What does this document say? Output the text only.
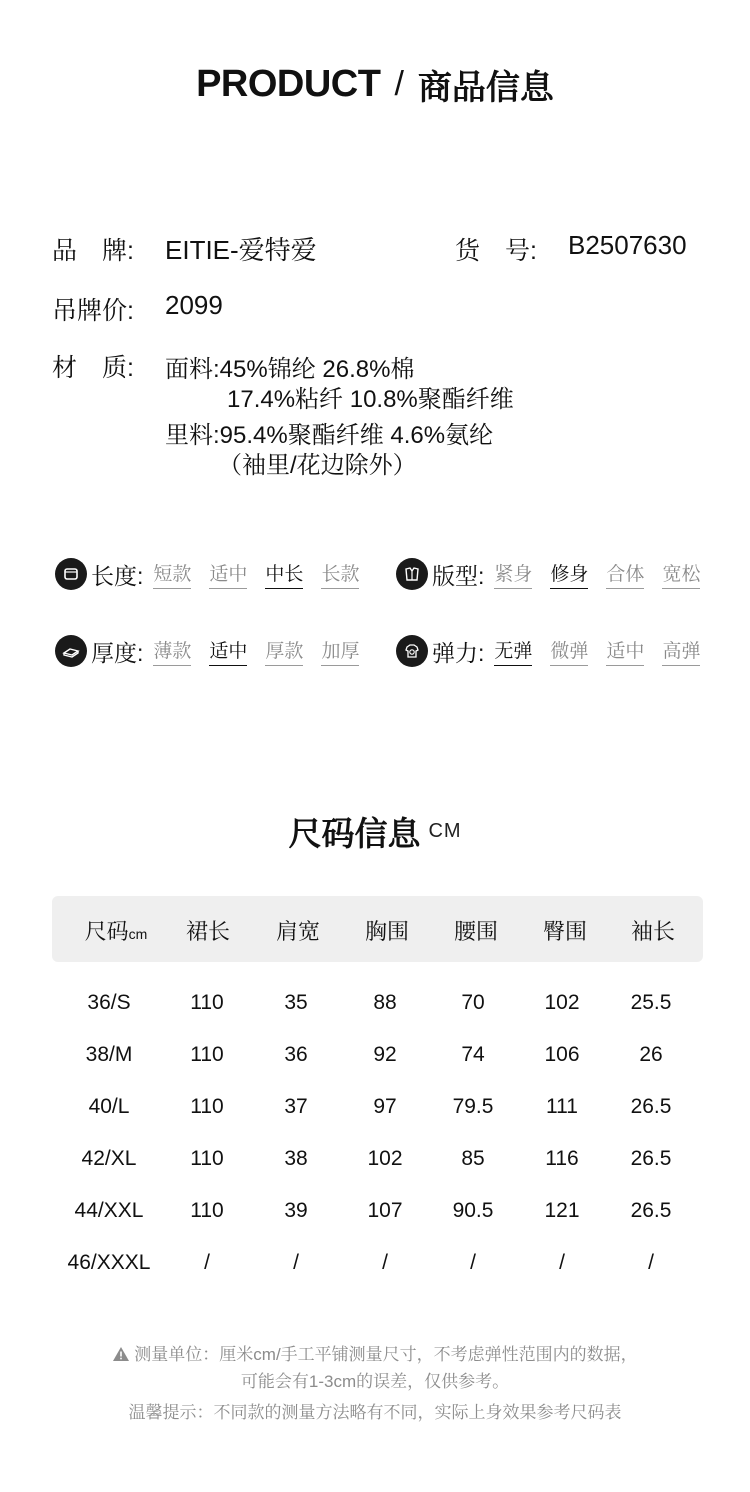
PRODUCT / 商品信息
品　牌: EITIE-爱特爱	货　号: B2507630
吊牌价: 2099
材　质: 面料:45%锦纶 26.8%棉
17.4%粘纤 10.8%聚酯纤维
里料:95.4%聚酯纤维 4.6%氨纶
（袖里/花边除外）
长度: 短款 适中 中长 长款	版型: 紧身 修身 合体 宽松
厚度: 薄款 适中 厚款 加厚	弹力: 无弹 微弹 适中 高弹
尺码信息 CM
尺码cm 裙长 肩宽 胸围 腰围 臀围 袖长
36/S	110	35	88	70	102 25.5
38/M	110	36	92	74	106	26
40/L	110	37	97	79.5	111	26.5
42/XL	110	38	102	85	116 26.5
44/XXL 110	39	107 90.5 121 26.5
46/XXXL	/	/	/	/	/	/
测量单位：厘米cm/手工平铺测量尺寸，不考虑弹性范围内的数据，
可能会有1-3cm的误差，仅供参考。
温馨提示：不同款的测量方法略有不同，实际上身效果参考尺码表
